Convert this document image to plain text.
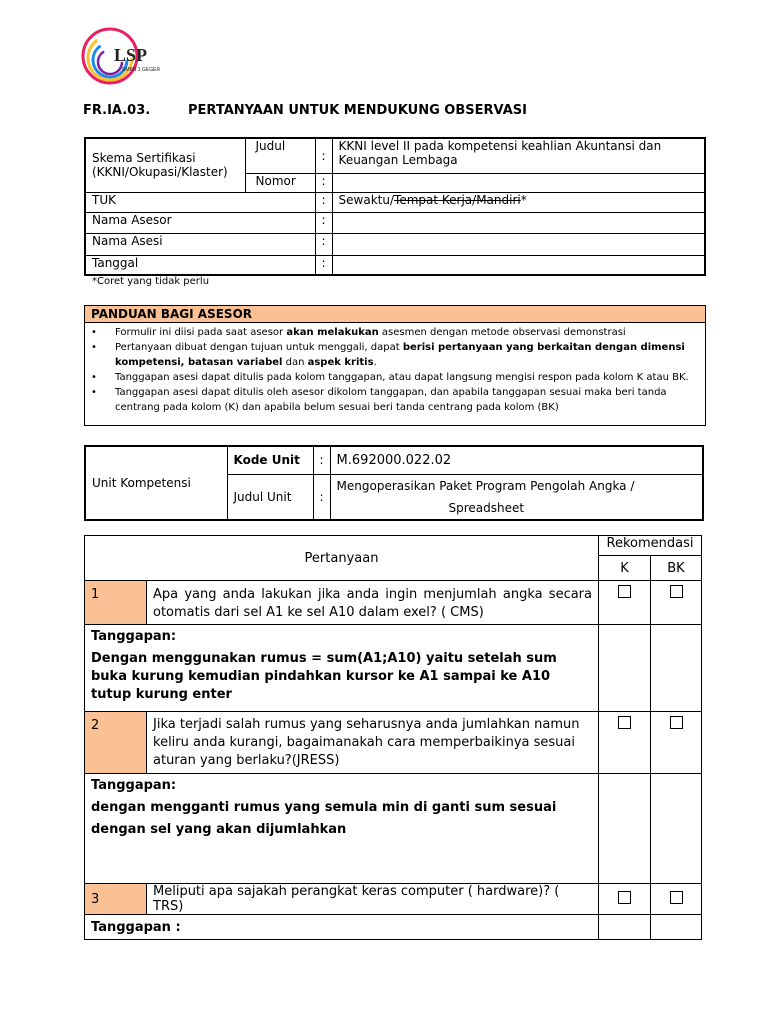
LSP
SMKN 1 GEGER
FR.IA.03.	PERTANYAAN UNTUK MENDUKUNG OBSERVASI
Skema Sertifikasi (KKNI/Okupasi/Klaster)	Judul	:	KKNI level II pada kompetensi keahlian Akuntansi dan Keuangan Lembaga
	Nomor	:	
TUK		:	Sewaktu/Tempat Kerja/Mandiri*
Nama Asesor		:	
Nama Asesi		:	
Tanggal		:	
*Coret yang tidak perlu
PANDUAN BAGI ASESOR
• Formulir ini diisi pada saat asesor akan melakukan asesmen dengan metode observasi demonstrasi
• Pertanyaan dibuat dengan tujuan untuk menggali, dapat berisi pertanyaan yang berkaitan dengan dimensi kompetensi, batasan variabel dan aspek kritis.
• Tanggapan asesi dapat ditulis pada kolom tanggapan, atau dapat langsung mengisi respon pada kolom K atau BK.
• Tanggapan asesi dapat ditulis oleh asesor dikolom tanggapan, dan apabila tanggapan sesuai maka beri tanda centrang pada kolom (K) dan apabila belum sesuai beri tanda centrang pada kolom (BK)
Unit Kompetensi	Kode Unit	:	M.692000.022.02
	Judul Unit	:	Mengoperasikan Paket Program Pengolah Angka /

Spreadsheet
Pertanyaan		Rekomendasi	
		K	BK
1	Apa yang anda lakukan jika anda ingin menjumlah angka secara otomatis dari sel A1 ke sel A10 dalam exel? ( CMS)		

Tanggapan:
Dengan menggunakan rumus = sum(A1;A10) yaitu setelah sum buka kurung kemudian pindahkan kursor ke A1 sampai ke A10 tutup kurung enter			

2	Jika terjadi salah rumus yang seharusnya anda jumlahkan namun keliru anda kurangi, bagaimanakah cara memperbaikinya sesuai aturan yang berlaku?(JRESS)		

Tanggapan:
dengan mengganti rumus yang semula min di ganti sum sesuai dengan sel yang akan dijumlahkan			

3	Meliputi apa sajakah perangkat keras computer ( hardware)? ( TRS)		

Tanggapan :			
